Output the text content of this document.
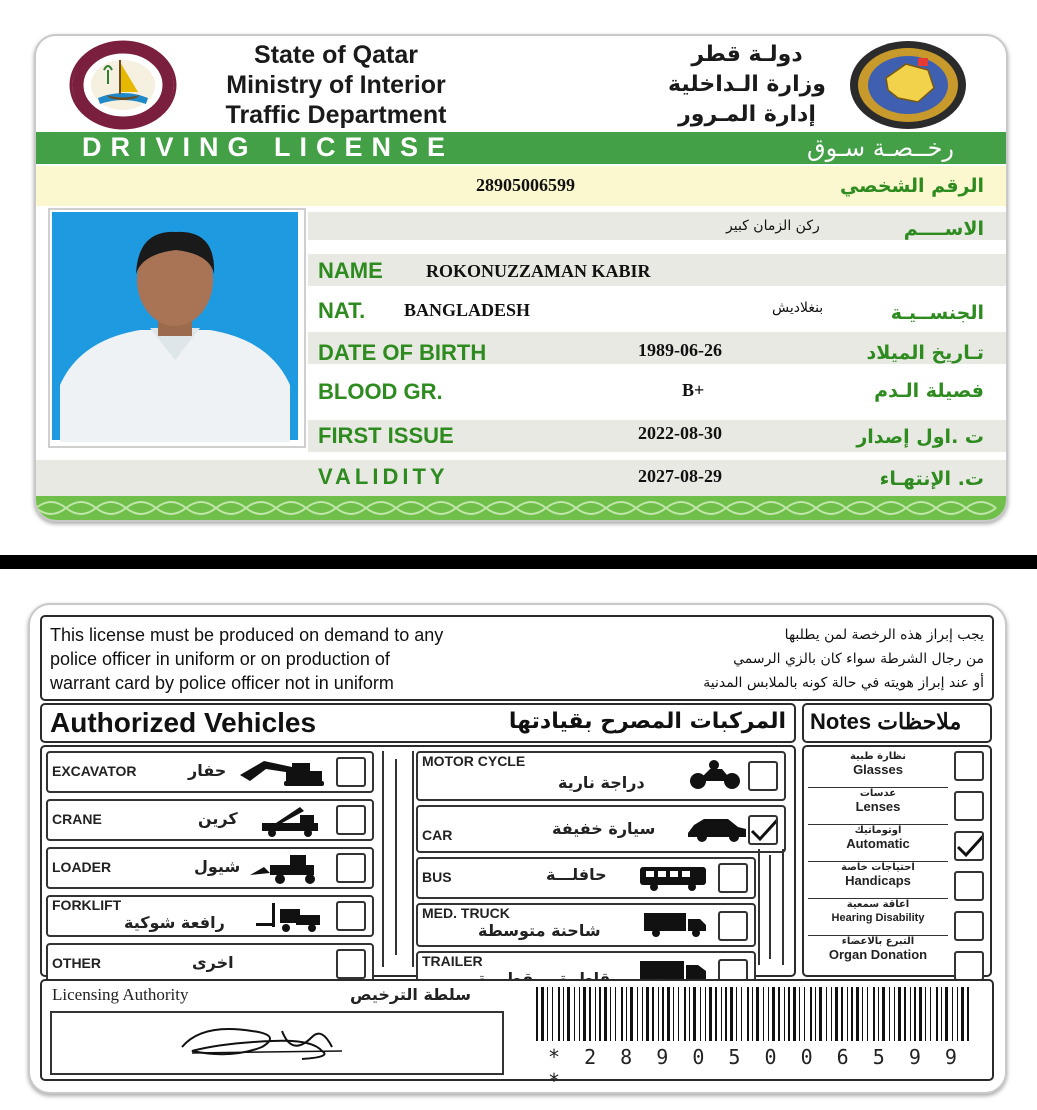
State of Qatar
Ministry of Interior
Traffic Department
دولـة قطر
وزارة الـداخلية
إدارة المـرور
DRIVING LICENSE	رخــصـة سـوق
28905006599	الرقم الشخصي
ركن الزمان كبير	الاســــم
NAME ROKONUZZAMAN KABIR
NAT. BANGLADESH	بنغلاديش	الجنســيـة
DATE OF BIRTH	1989-06-26	تـاريخ الميلاد
BLOOD GR.	B+	فصيلة الـدم
FIRST ISSUE	2022-08-30	ت .اول إصدار
VALIDITY	2027-08-29	ت. الإنتهـاء
This license must be produced on demand to any
police officer in uniform or on production of
warrant card by police officer not in uniform
يجب إبراز هذه الرخصة لمن يطلبها
من رجال الشرطة سواء كان بالزي الرسمي
أو عند إبراز هويته في حالة كونه بالملابس المدنية
Authorized Vehicles	المركبات المصرح بقيادتها Notes ملاحظات
EXCAVATOR	حفار
CRANE	كرين
LOADER	شيول
FORKLIFT
رافعة شوكية
OTHER	اخرى
MOTOR CYCLE
دراجة نارية
CAR	سيارة خفيفة
BUS	حافلـــة
MED. TRUCK
شاحنة متوسطة
TRAILER
نظارة طبية
Glasses
عدسات
Lenses
اوتوماتيك
Automatic
احتياجات خاصة
Handicaps
اعاقة سمعية
Hearing Disability
التبرع بالاعضاء
Organ Donation
Licensing Authority	سلطة الترخيص
* 2 8 9 0 5 0 0 6 5 9 9 *
